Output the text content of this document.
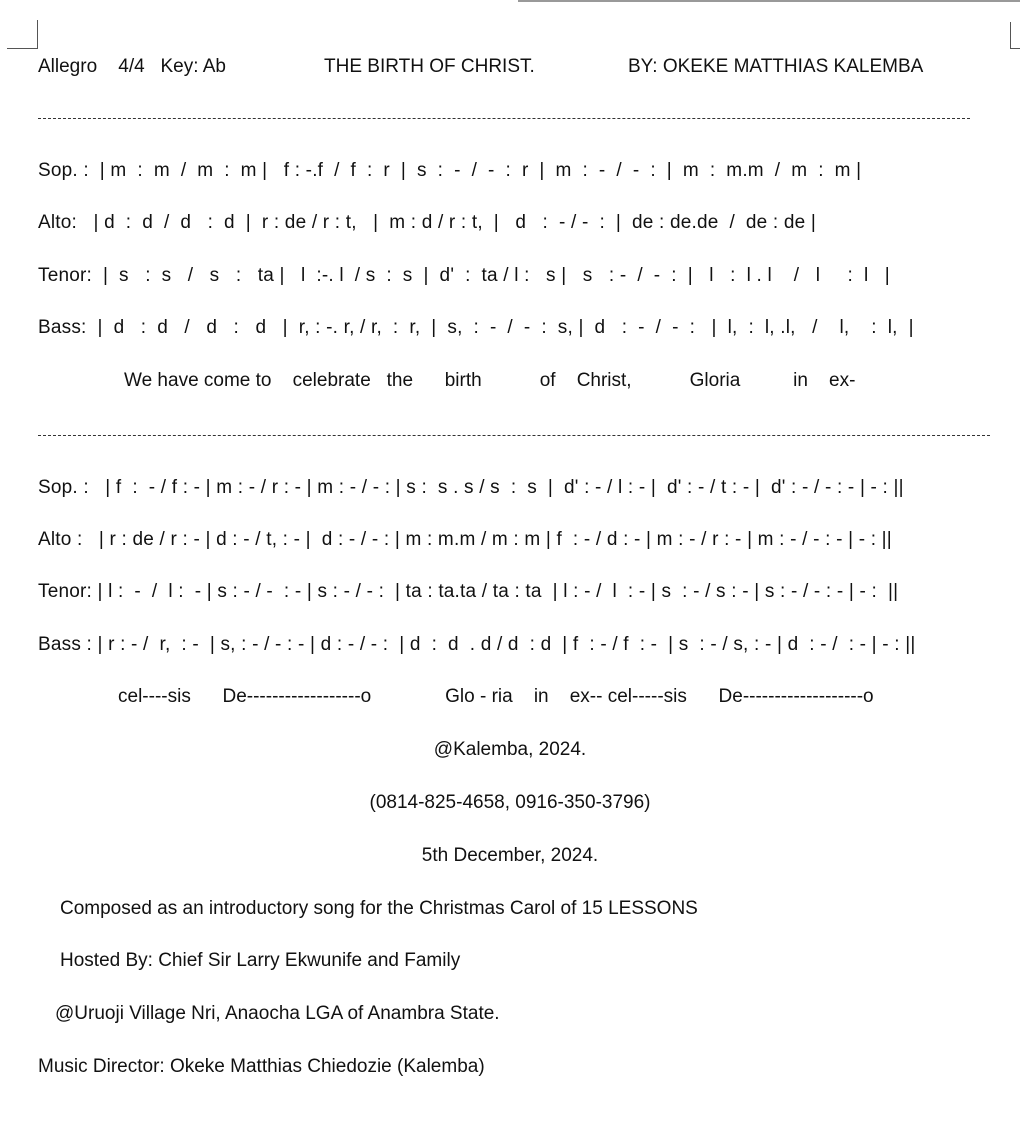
Allegro    4/4   Key: Ab

	THE BIRTH OF CHRIST.

	BY: OKEKE MATTHIAS KALEMBA

Sop. :  | m  :  m  /  m  :  m |   f : -.f  /  f  :  r  |  s  :  -  /  -  :  r  |  m  :  -  /  -  :  |  m  :  m.m  /  m  :  m |
Alto:   | d  :  d  /  d   :  d  |  r : de / r : t,   |  m : d / r : t,  |   d   :  - / -  :  |  de : de.de  /  de : de |
Tenor:  |  s   :  s   /   s   :   ta |   l  :-. l  / s  :  s  |  d'  :  ta / l :   s |   s   : -  /  -  :  |   l   :  l . l    /   l     :  l   |
Bass:  |  d   :  d   /   d   :   d   |  r, : -. r, / r,  :  r,  |  s,  :  -  /  -  :  s, |  d   :  -  /  -  :   |  l,  :  l, .l,   /    l,    :  l,  |
We have come to    celebrate   the      birth           of    Christ,           Gloria          in    ex-
Sop. :   | f  :  - / f : - | m : - / r : - | m : - / - : | s :  s . s / s  :  s  |  d' : - / l : - |  d' : - / t : - |  d' : - / - : - | - : ||
Alto :   | r : de / r : - | d : - / t, : - |  d : - / - : | m : m.m / m : m | f  : - / d : - | m : - / r : - | m : - / - : - | - : ||
Tenor: | l :  -  /  l :  - | s : - / -  : - | s : - / - :  | ta : ta.ta / ta : ta  | l : - /  l  : - | s  : - / s : - | s : - / - : - | - :  ||
Bass : | r : - /  r,  : -  | s, : - / - : - | d : - / - :  | d  :  d  . d / d  : d  | f  : - / f  : -  | s  : - / s, : - | d  : - /  : - | - : ||
cel----sis      De------------------o              Glo - ria    in    ex-- cel-----sis      De-------------------o
@Kalemba, 2024.
(0814-825-4658, 0916-350-3796)
5th December, 2024.
Composed as an introductory song for the Christmas Carol of 15 LESSONS
Hosted By: Chief Sir Larry Ekwunife and Family
@Uruoji Village Nri, Anaocha LGA of Anambra State.
Music Director: Okeke Matthias Chiedozie (Kalemba)
